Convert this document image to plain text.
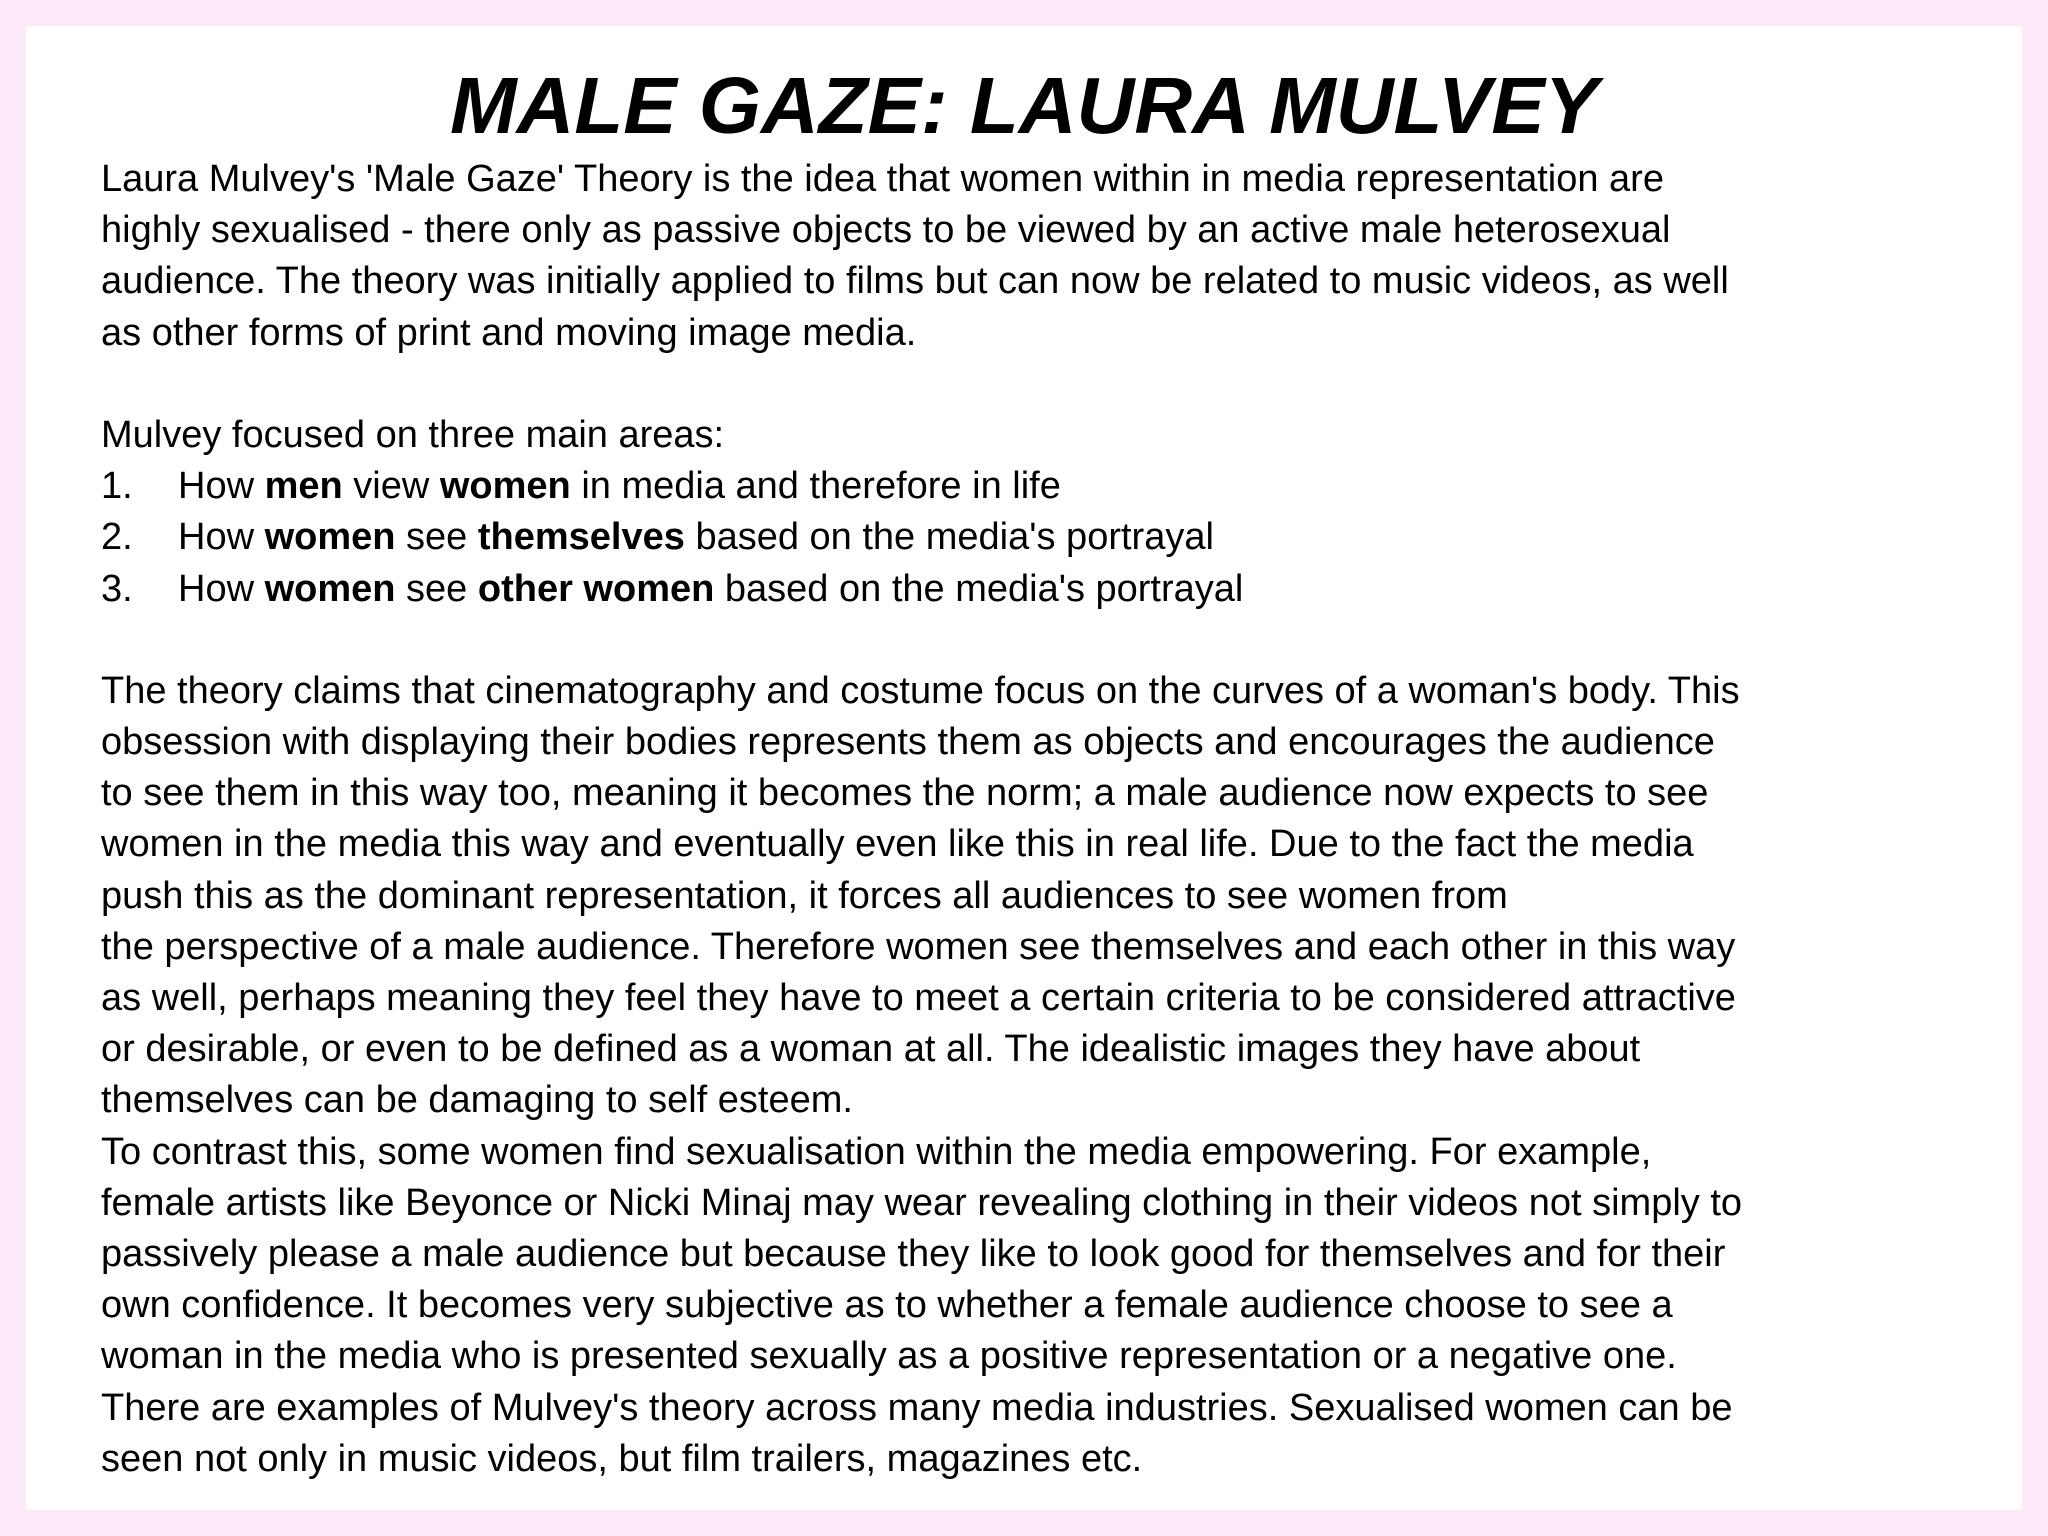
MALE GAZE: LAURA MULVEY
Laura Mulvey's 'Male Gaze' Theory is the idea that women within in media representation are
highly sexualised - there only as passive objects to be viewed by an active male heterosexual
audience. The theory was initially applied to films but can now be related to music videos, as well
as other forms of print and moving image media.
Mulvey focused on three main areas:
1. How men view women in media and therefore in life
2. How women see themselves based on the media's portrayal
3. How women see other women based on the media's portrayal
The theory claims that cinematography and costume focus on the curves of a woman's body. This
obsession with displaying their bodies represents them as objects and encourages the audience
to see them in this way too, meaning it becomes the norm; a male audience now expects to see
women in the media this way and eventually even like this in real life. Due to the fact the media
push this as the dominant representation, it forces all audiences to see women from
the perspective of a male audience. Therefore women see themselves and each other in this way
as well, perhaps meaning they feel they have to meet a certain criteria to be considered attractive
or desirable, or even to be defined as a woman at all. The idealistic images they have about
themselves can be damaging to self esteem.
To contrast this, some women find sexualisation within the media empowering. For example,
female artists like Beyonce or Nicki Minaj may wear revealing clothing in their videos not simply to
passively please a male audience but because they like to look good for themselves and for their
own confidence. It becomes very subjective as to whether a female audience choose to see a
woman in the media who is presented sexually as a positive representation or a negative one.
There are examples of Mulvey's theory across many media industries. Sexualised women can be
seen not only in music videos, but film trailers, magazines etc.
